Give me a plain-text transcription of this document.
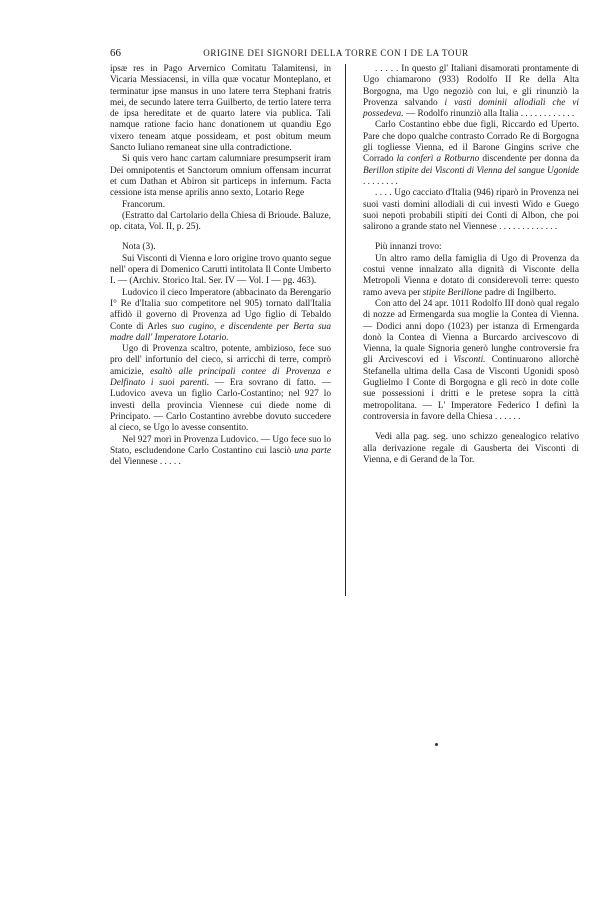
66	ORIGINE DEI SIGNORI DELLA TORRE CON I DE LA TOUR

ipsæ res in Pago Arvernico Comitatu Talamitensi, in Vicaria Messiacensi, in villa quæ vocatur Monteplano, et terminatur ipse mansus in uno latere terra Stephani fratris mei, de secundo latere terra Guilberto, de tertio latere terra de ipsa hereditate et de quarto latere via publica. Tali namque ratione facio hanc donationem ut quandiu Ego vixero teneam atque possideam, et post obitum meum Sancto Iuliano remaneat sine ulla contradictione.

Si quis vero hanc cartam calumniare presumpserit iram Dei omnipotentis et Sanctorum omnium offensam incurrat et cum Dathan et Abiron sit particeps in infernum. Facta cessione ista mense aprilis anno sexto, Lotario Rege

Francorum.

(Estratto dal Cartolario della Chiesa di Brioude. Baluze, op. citata, Vol. II, p. 25).

Nota (3).

Sui Visconti di Vienna e loro origine trovo quanto segue nell' opera di Domenico Carutti intitolata Il Conte Umberto I. — (Archiv. Storico Ital. Ser. IV — Vol. I — pg. 463).

Ludovico il cieco Imperatore (abbacinato da Berengario I° Re d'Italia suo competitore nel 905) tornato dall'Italia affidò il governo di Provenza ad Ugo figlio di Tebaldo Conte di Arles suo cugino, e discendente per Berta sua madre dall' Imperatore Lotario.

Ugo di Provenza scaltro, potente, ambizioso, fece suo pro dell' infortunio del cieco, si arricchì di terre, comprò amicizie, esaltò alle principali contee di Provenza e Delfinato i suoi parenti. — Era sovrano di fatto. — Ludovico aveva un figlio Carlo-Costantino; nel 927 lo investì della provincia Viennese cui diede nome di Principato. — Carlo Costantino avrebbe dovuto succedere al cieco, se Ugo lo avesse consentito.

Nel 927 morì in Provenza Ludovico. — Ugo fece suo lo Stato, escludendone Carlo Costantino cui lasciò una parte del Viennese . . . . .

. . . . . In questo gl' Italiani disamorati prontamente di Ugo chiamarono (933) Rodolfo II Re della Alta Borgogna, ma Ugo negoziò con lui, e gli rinunziò la Provenza salvando i vasti dominii allodiali che vi possedeva. — Rodolfo rinunziò alla Italia . . . . . . . . . . . .

Carlo Costantino ebbe due figli, Riccardo ed Uperto. Pare che dopo qualche contrasto Corrado Re di Borgogna gli togliesse Vienna, ed il Barone Gingins scrive che Corrado la conferì a Rotburno discendente per donna da Berillon stipite dei Visconti di Vienna del sangue Ugonide . . . . . . . .

. . . . Ugo cacciato d'Italia (946) riparò in Provenza nei suoi vasti domini allodiali di cui investì Wido e Guego suoi nepoti probabili stipiti dei Conti di Albon, che poi salirono a grande stato nel Viennese . . . . . . . . . . . . .

Più innanzi trovo:

Un altro ramo della famiglia di Ugo di Provenza da costui venne innalzato alla dignità di Visconte della Metropoli Vienna e dotato di considerevoli terre: questo ramo aveva per stipite Berillone padre di Ingilberto.

Con atto del 24 apr. 1011 Rodolfo III donò qual regalo di nozze ad Ermengarda sua moglie la Contea di Vienna. — Dodici anni dopo (1023) per istanza di Ermengarda donò la Contea di Vienna a Burcardo arcivescovo di Vienna, la quale Signoria generò lunghe controversie fra gli Arcivescovi ed i Visconti. Continuarono allorchè Stefanella ultima della Casa de Visconti Ugonidi sposò Guglielmo I Conte di Borgogna e gli recò in dote colle sue possessioni i dritti e le pretese sopra la città metropolitana. — L' Imperatore Federico I definì la controversia in favore della Chiesa . . . . . .

Vedi alla pag. seg. uno schizzo genealogico relativo alla derivazione regale di Gausberta dei Visconti di Vienna, e di Gerand de la Tor.
